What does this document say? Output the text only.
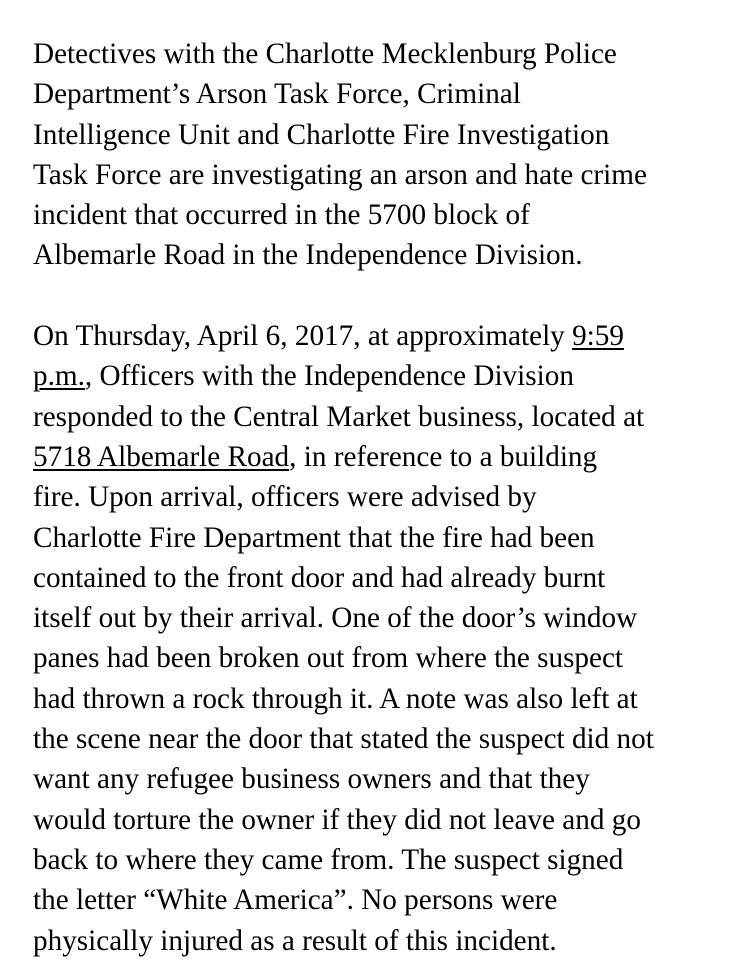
Detectives with the Charlotte Mecklenburg Police
Department’s Arson Task Force, Criminal
Intelligence Unit and Charlotte Fire Investigation
Task Force are investigating an arson and hate crime
incident that occurred in the 5700 block of
Albemarle Road in the Independence Division.

On Thursday, April 6, 2017, at approximately 9:59
p.m., Officers with the Independence Division
responded to the Central Market business, located at
5718 Albemarle Road, in reference to a building
fire. Upon arrival, officers were advised by
Charlotte Fire Department that the fire had been
contained to the front door and had already burnt
itself out by their arrival. One of the door’s window
panes had been broken out from where the suspect
had thrown a rock through it. A note was also left at
the scene near the door that stated the suspect did not
want any refugee business owners and that they
would torture the owner if they did not leave and go
back to where they came from. The suspect signed
the letter “White America”. No persons were
physically injured as a result of this incident.
